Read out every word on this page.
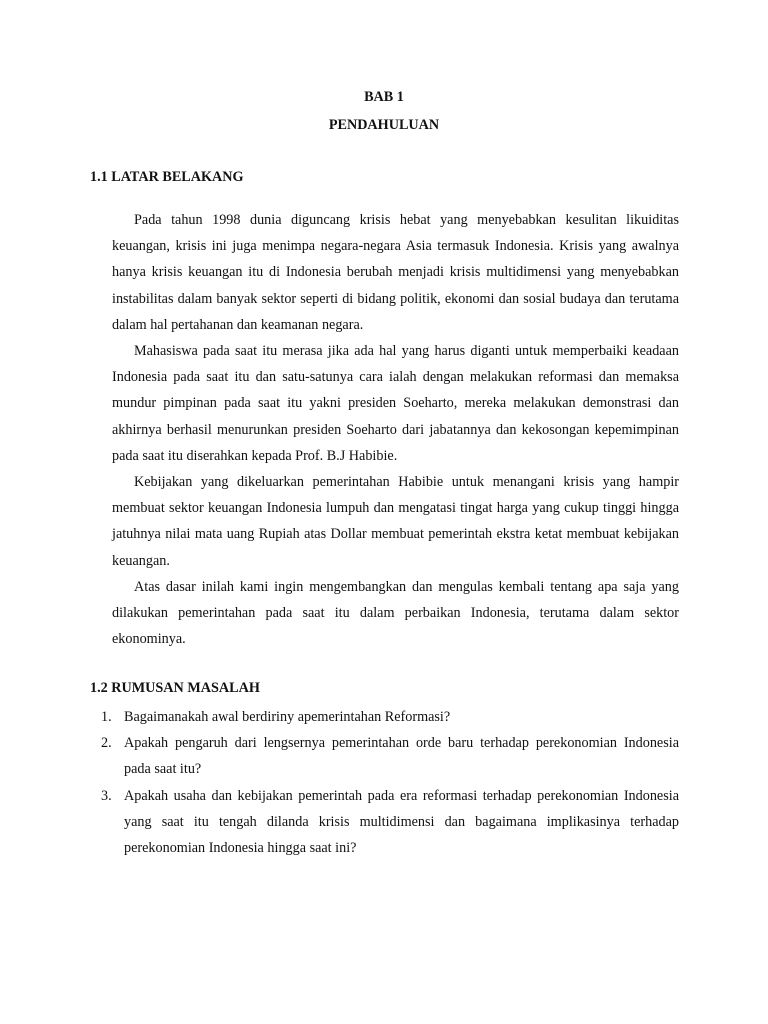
BAB 1
PENDAHULUAN
1.1 LATAR BELAKANG

Pada tahun 1998 dunia diguncang krisis hebat yang menyebabkan kesulitan likuiditas keuangan, krisis ini juga menimpa negara-negara Asia termasuk Indonesia. Krisis yang awalnya hanya krisis keuangan itu di Indonesia berubah menjadi krisis multidimensi yang menyebabkan instabilitas dalam banyak sektor seperti di bidang politik, ekonomi dan sosial budaya dan terutama dalam hal pertahanan dan keamanan negara.

Mahasiswa pada saat itu merasa jika ada hal yang harus diganti untuk memperbaiki keadaan Indonesia pada saat itu dan satu-satunya cara ialah dengan melakukan reformasi dan memaksa mundur pimpinan pada saat itu yakni presiden Soeharto, mereka melakukan demonstrasi dan akhirnya berhasil menurunkan presiden Soeharto dari jabatannya dan kekosongan kepemimpinan pada saat itu diserahkan kepada Prof. B.J Habibie.

Kebijakan yang dikeluarkan pemerintahan Habibie untuk menangani krisis yang hampir membuat sektor keuangan Indonesia lumpuh dan mengatasi tingat harga yang cukup tinggi hingga jatuhnya nilai mata uang Rupiah atas Dollar membuat pemerintah ekstra ketat membuat kebijakan keuangan.

Atas dasar inilah kami ingin mengembangkan dan mengulas kembali tentang apa saja yang dilakukan pemerintahan pada saat itu dalam perbaikan Indonesia, terutama dalam sektor ekonominya.

1.2 RUMUSAN MASALAH
1. Bagaimanakah awal berdiriny apemerintahan Reformasi?
2. Apakah pengaruh dari lengsernya pemerintahan orde baru terhadap perekonomian Indonesia pada saat itu?
3. Apakah usaha dan kebijakan pemerintah pada era reformasi terhadap perekonomian Indonesia yang saat itu tengah dilanda krisis multidimensi dan bagaimana implikasinya terhadap perekonomian Indonesia hingga saat ini?
